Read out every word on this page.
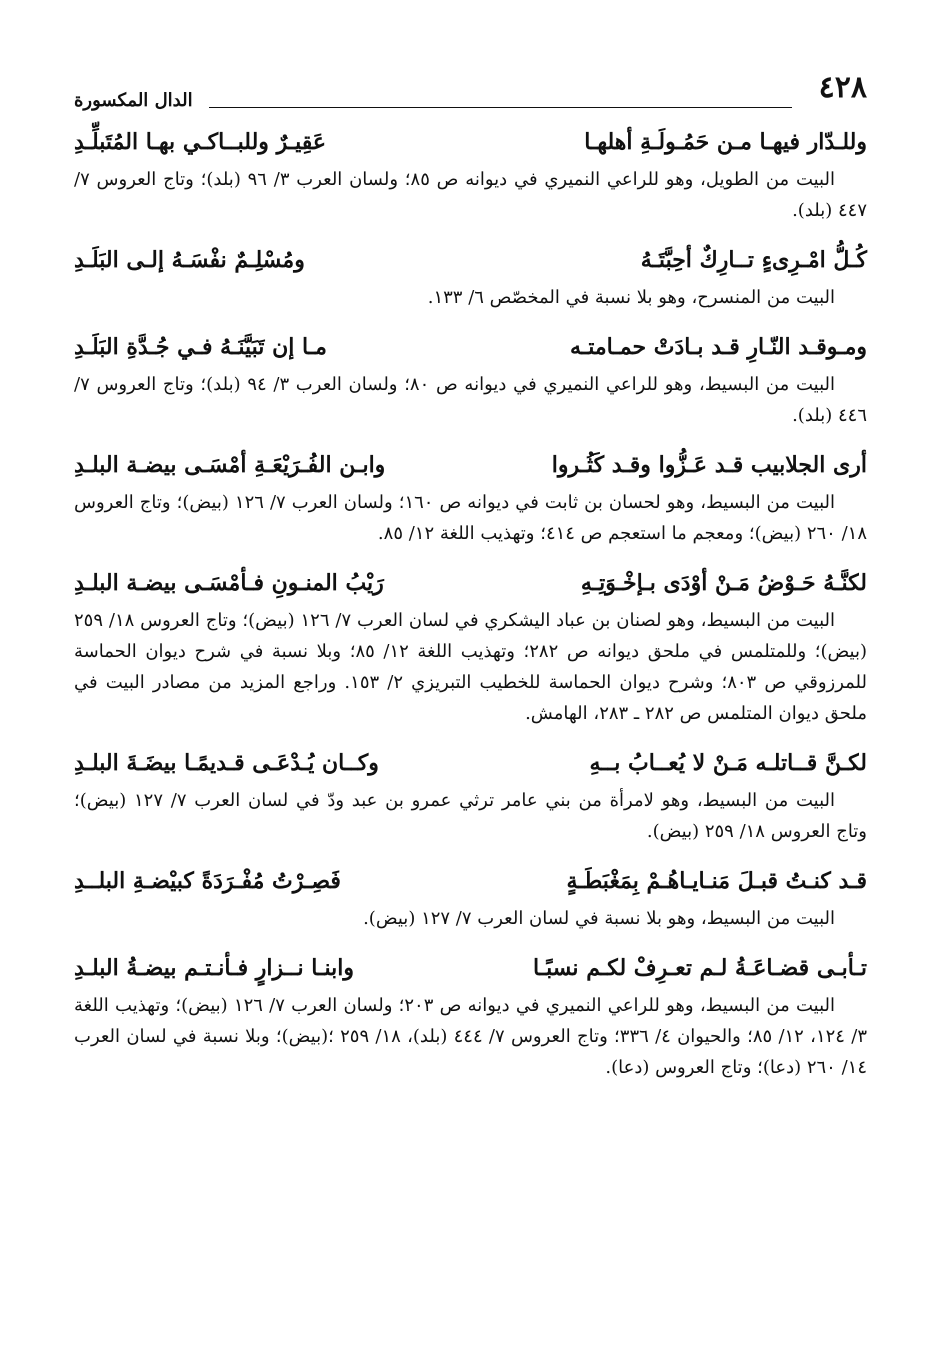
٤٢٨
الدال المكسورة
وللـدّار فيهـا مـن حَمُـولَـةِ أهلهـا
عَقِيـرٌ وللبــاكـي بهـا المُتَبلِّـدِ

البيت من الطويل، وهو للراعي النميري في ديوانه ص ٨٥؛ ولسان العرب ٣/ ٩٦ (بلد)؛ وتاج العروس ٧/ ٤٤٧ (بلد).

كُـلُّ امْـرِىءٍ تــارِكٌ أحِبَّتَـهُ
ومُسْلِـمٌ نفْسَـهُ إلـى البَلَـدِ

البيت من المنسرح، وهو بلا نسبة في المخصّص ٦/ ١٣٣.

ومـوقـد النّـارِ قـد بـادَتْ حمـامتـه
مـا إن تَبَيَّنَـهُ فـي جُـدَّةِ البَلَـدِ

البيت من البسيط، وهو للراعي النميري في ديوانه ص ٨٠؛ ولسان العرب ٣/ ٩٤ (بلد)؛ وتاج العروس ٧/ ٤٤٦ (بلد).

أرى الجلابيب قـد عَـزُّوا وقـد كَثُـروا
وابـن الفُـرَيْعَـةِ أمْسَـى بيضـة البلـدِ

البيت من البسيط، وهو لحسان بن ثابت في ديوانه ص ١٦٠؛ ولسان العرب ٧/ ١٢٦ (بيض)؛ وتاج العروس ١٨/ ٢٦٠ (بيض)؛ ومعجم ما استعجم ص ٤١٤؛ وتهذيب اللغة ١٢/ ٨٥.

لكنَّـهُ حَـوْضُ مَـنْ أوْدَى بـإخْـوَتِـهِ
رَيْبُ المنـونِ فـأمْسَـى بيضـة البلـدِ

البيت من البسيط، وهو لصنان بن عباد اليشكري في لسان العرب ٧/ ١٢٦ (بيض)؛ وتاج العروس ١٨/ ٢٥٩ (بيض)؛ وللمتلمس في ملحق ديوانه ص ٢٨٢؛ وتهذيب اللغة ١٢/ ٨٥؛ وبلا نسبة في شرح ديوان الحماسة للمرزوقي ص ٨٠٣؛ وشرح ديوان الحماسة للخطيب التبريزي ٢/ ١٥٣. وراجع المزيد من مصادر البيت في ملحق ديوان المتلمس ص ٢٨٢ ـ ٢٨٣، الهامش.

لكـنَّ قــاتلـه مَـنْ لا يُعــابُ بــهِ
وكــان يُـدْعَـى قـديمًـا بيضَـةَ البلـدِ

البيت من البسيط، وهو لامرأة من بني عامر ترثي عمرو بن عبد ودّ في لسان العرب ٧/ ١٢٧ (بيض)؛ وتاج العروس ١٨/ ٢٥٩ (بيض).

قـد كنـتُ قبـلَ مَنـايـاهُـمْ بِمَغْبَطَـةٍ
فَصِـرْتُ مُفْـرَدَةً كبيْضـةِ البلــدِ

البيت من البسيط، وهو بلا نسبة في لسان العرب ٧/ ١٢٧ (بيض).

تـأبـى قضـاعَـةُ لـم تعـرِفْ لكـم نسبًـا
وابنـا نــزارٍ فـأنـتـم بيضـةُ البلـدِ

البيت من البسيط، وهو للراعي النميري في ديوانه ص ٢٠٣؛ ولسان العرب ٧/ ١٢٦ (بيض)؛ وتهذيب اللغة ٣/ ١٢٤، ١٢/ ٨٥؛ والحيوان ٤/ ٣٣٦؛ وتاج العروس ٧/ ٤٤٤ (بلد)، ١٨/ ٢٥٩ ؛(بيض)؛ وبلا نسبة في لسان العرب ١٤/ ٢٦٠ (دعا)؛ وتاج العروس (دعا).
